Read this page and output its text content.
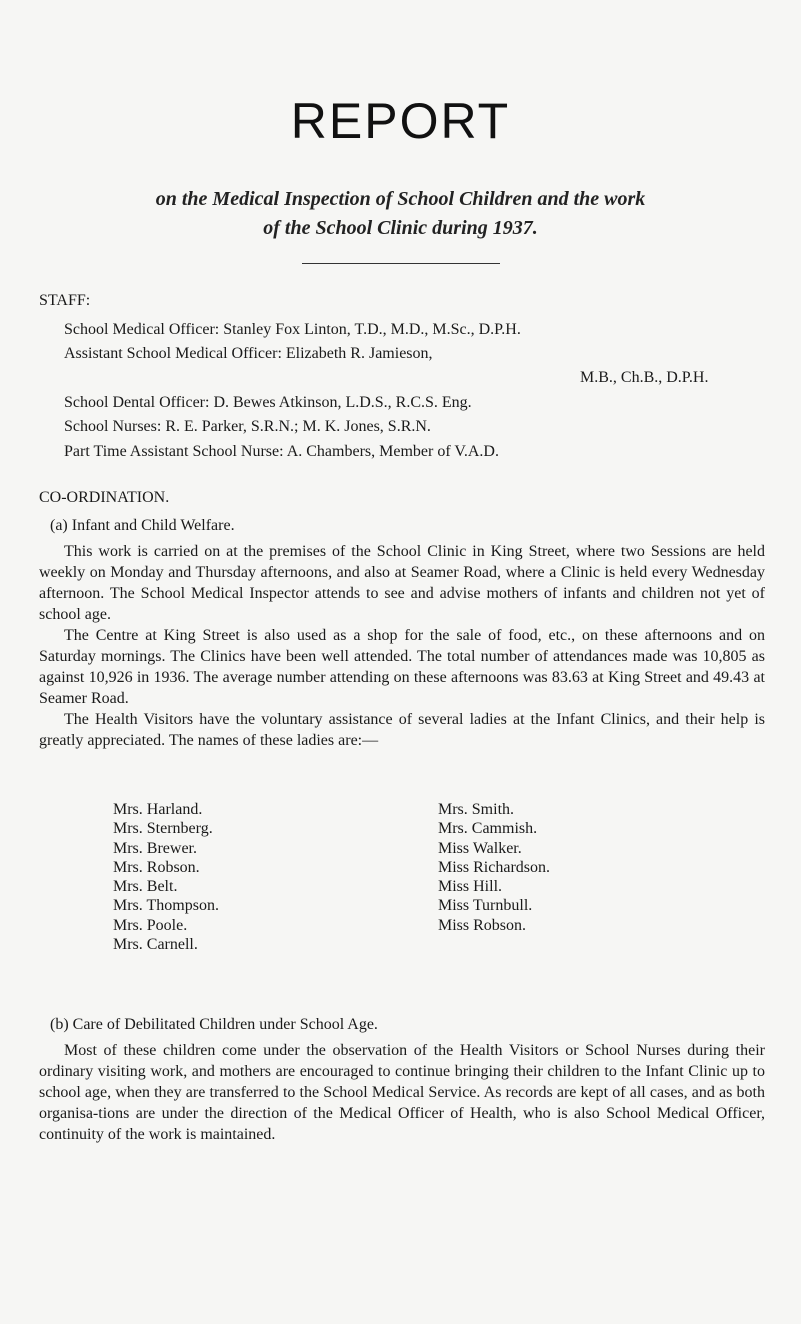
REPORT
on the Medical Inspection of School Children and the work
of the School Clinic during 1937.
STAFF:
School Medical Officer: Stanley Fox Linton, T.D., M.D., M.Sc., D.P.H.
Assistant School Medical Officer: Elizabeth R. Jamieson,
M.B., Ch.B., D.P.H.
School Dental Officer: D. Bewes Atkinson, L.D.S., R.C.S. Eng.
School Nurses: R. E. Parker, S.R.N.; M. K. Jones, S.R.N.
Part Time Assistant School Nurse: A. Chambers, Member of V.A.D.
CO-ORDINATION.
(a) Infant and Child Welfare.

This work is carried on at the premises of the School Clinic in King Street, where two Sessions are held weekly on Monday and Thursday afternoons, and also at Seamer Road, where a Clinic is held every Wednesday afternoon. The School Medical Inspector attends to see and advise mothers of infants and children not yet of school age.

The Centre at King Street is also used as a shop for the sale of food, etc., on these afternoons and on Saturday mornings. The Clinics have been well attended. The total number of attendances made was 10,805 as against 10,926 in 1936. The average number attending on these afternoons was 83.63 at King Street and 49.43 at Seamer Road.

The Health Visitors have the voluntary assistance of several ladies at the Infant Clinics, and their help is greatly appreciated. The names of these ladies are:—

Mrs. Harland.
Mrs. Sternberg.
Mrs. Brewer.
Mrs. Robson.
Mrs. Belt.
Mrs. Thompson.
Mrs. Poole.
Mrs. Carnell.
Mrs. Smith.
Mrs. Cammish.
Miss Walker.
Miss Richardson.
Miss Hill.
Miss Turnbull.
Miss Robson.
(b) Care of Debilitated Children under School Age.

Most of these children come under the observation of the Health Visitors or School Nurses during their ordinary visiting work, and mothers are encouraged to continue bringing their children to the Infant Clinic up to school age, when they are transferred to the School Medical Service. As records are kept of all cases, and as both organisa-tions are under the direction of the Medical Officer of Health, who is also School Medical Officer, continuity of the work is maintained.
